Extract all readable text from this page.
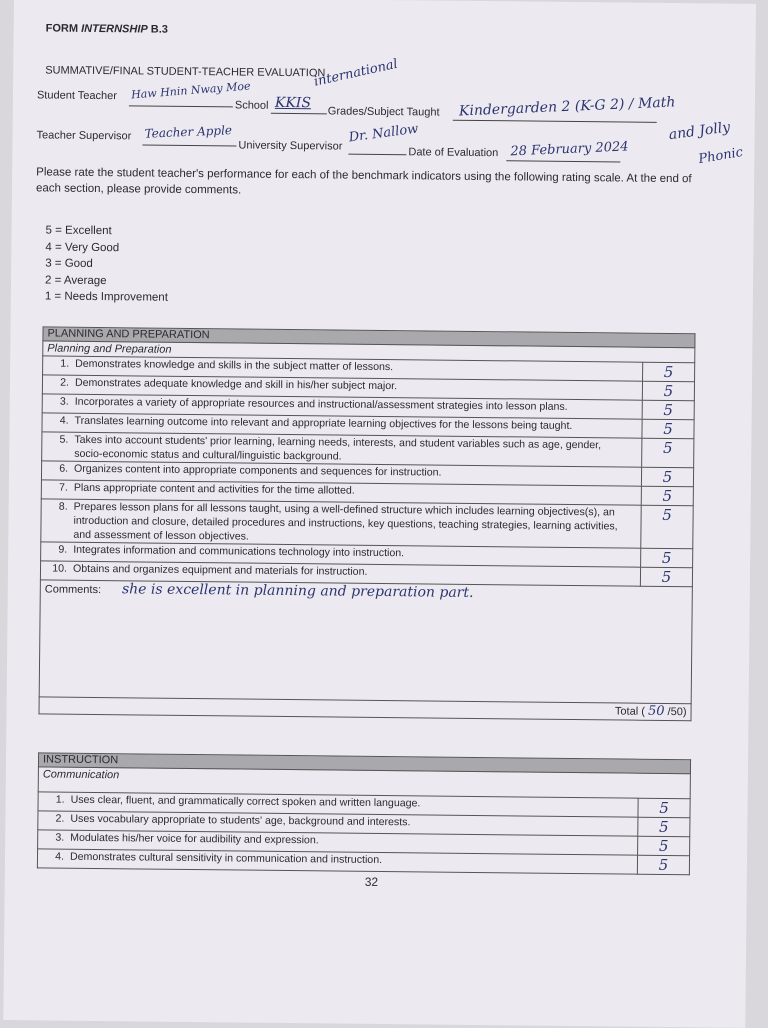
FORM INTERNSHIP B.3
SUMMATIVE/FINAL STUDENT-TEACHER EVALUATION
Student Teacher Haw Hnin Nway Moe
School
international
KKIS
Grades/Subject Taught Kindergarden 2 (K-G 2) / Math
and Jolly
Phonic
Teacher Supervisor Teacher Apple
University Supervisor
Dr. Nallow
Date of Evaluation 28 February 2024
Please rate the student teacher's performance for each of the benchmark indicators using the following rating scale. At the end of each section, please provide comments.
5 = Excellent
4 = Very Good
3 = Good
2 = Average
1 = Needs Improvement
PLANNING AND PREPARATION	
Planning and Preparation	
1. Demonstrates knowledge and skills in the subject matter of lessons.	5
2. Demonstrates adequate knowledge and skill in his/her subject major.	5
3. Incorporates a variety of appropriate resources and instructional/assessment strategies into lesson plans.	5
4. Translates learning outcome into relevant and appropriate learning objectives for the lessons being taught.	5
5. Takes into account students' prior learning, learning needs, interests, and student variables such as age, gender, socio-economic status and cultural/linguistic background.	5
6. Organizes content into appropriate components and sequences for instruction.	5
7. Plans appropriate content and activities for the time allotted.	5
8. Prepares lesson plans for all lessons taught, using a well-defined structure which includes learning objectives(s), an introduction and closure, detailed procedures and instructions, key questions, teaching strategies, learning activities, and assessment of lesson objectives.	5
9. Integrates information and communications technology into instruction.	5
10. Obtains and organizes equipment and materials for instruction.	5
Comments: she is excellent in planning and preparation part.	
Total ( 50 /50)	
INSTRUCTION	
Communication	
1. Uses clear, fluent, and grammatically correct spoken and written language.	5
2. Uses vocabulary appropriate to students' age, background and interests.	5
3. Modulates his/her voice for audibility and expression.	5
4. Demonstrates cultural sensitivity in communication and instruction.	5
32
